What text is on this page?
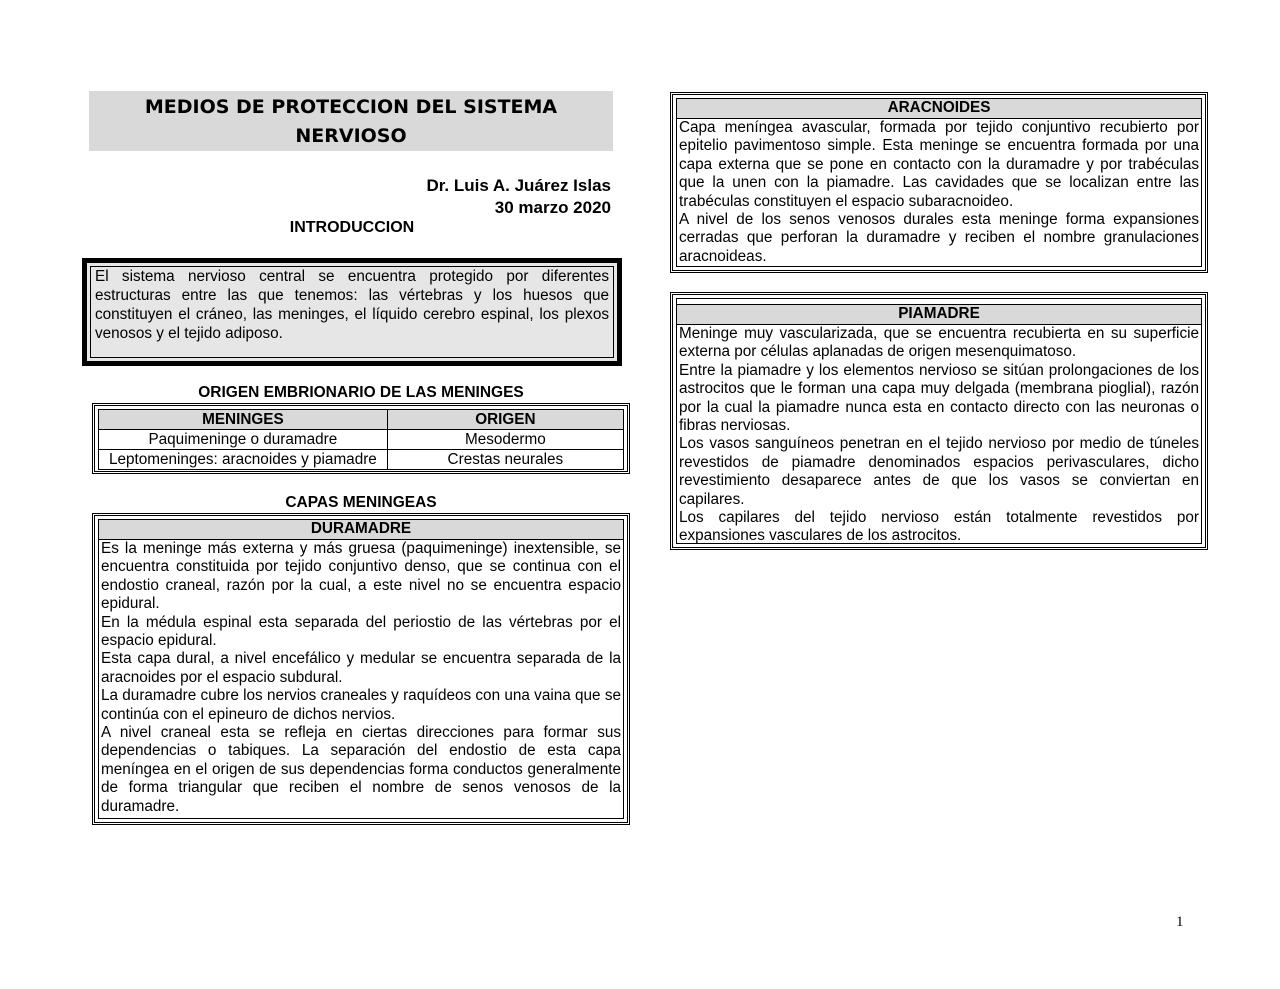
MEDIOS DE PROTECCION DEL SISTEMA
NERVIOSO
Dr. Luis A. Juárez Islas
30 marzo 2020
INTRODUCCION
El sistema nervioso central se encuentra protegido por diferentes estructuras entre las que tenemos: las vértebras y los huesos que constituyen el cráneo, las meninges, el líquido cerebro espinal, los plexos venosos y el tejido adiposo.
ORIGEN EMBRIONARIO DE LAS MENINGES
MENINGES	ORIGEN
Paquimeninge o duramadre	Mesodermo
Leptomeninges: aracnoides y piamadre	Crestas neurales
CAPAS MENINGEAS
DURAMADRE

Es la meninge más externa y más gruesa (paquimeninge) inextensible, se encuentra constituida por tejido conjuntivo denso, que se continua con el endostio craneal, razón por la cual, a este nivel no se encuentra espacio epidural.

En la médula espinal esta separada del periostio de las vértebras por el espacio epidural.

Esta capa dural, a nivel encefálico y medular se encuentra separada de la aracnoides por el espacio subdural.

La duramadre cubre los nervios craneales y raquídeos con una vaina que se continúa con el epineuro de dichos nervios.

A nivel craneal esta se refleja en ciertas direcciones para formar sus dependencias o tabiques. La separación del endostio de esta capa meníngea en el origen de sus dependencias forma conductos generalmente de forma triangular que reciben el nombre de senos venosos de la duramadre.

ARACNOIDES

Capa meníngea avascular, formada por tejido conjuntivo recubierto por epitelio pavimentoso simple. Esta meninge se encuentra formada por una capa externa que se pone en contacto con la duramadre y por trabéculas que la unen con la piamadre. Las cavidades que se localizan entre las trabéculas constituyen el espacio subaracnoideo.

A nivel de los senos venosos durales esta meninge forma expansiones cerradas que perforan la duramadre y reciben el nombre granulaciones aracnoideas.

PIAMADRE

Meninge muy vascularizada, que se encuentra recubierta en su superficie externa por células aplanadas de origen mesenquimatoso.

Entre la piamadre y los elementos nervioso se sitúan prolongaciones de los astrocitos que le forman una capa muy delgada (membrana pioglial), razón por la cual la piamadre nunca esta en contacto directo con las neuronas o fibras nerviosas.

Los vasos sanguíneos penetran en el tejido nervioso por medio de túneles revestidos de piamadre denominados espacios perivasculares, dicho revestimiento desaparece antes de que los vasos se conviertan en capilares.

Los capilares del tejido nervioso están totalmente revestidos por expansiones vasculares de los astrocitos.

1
